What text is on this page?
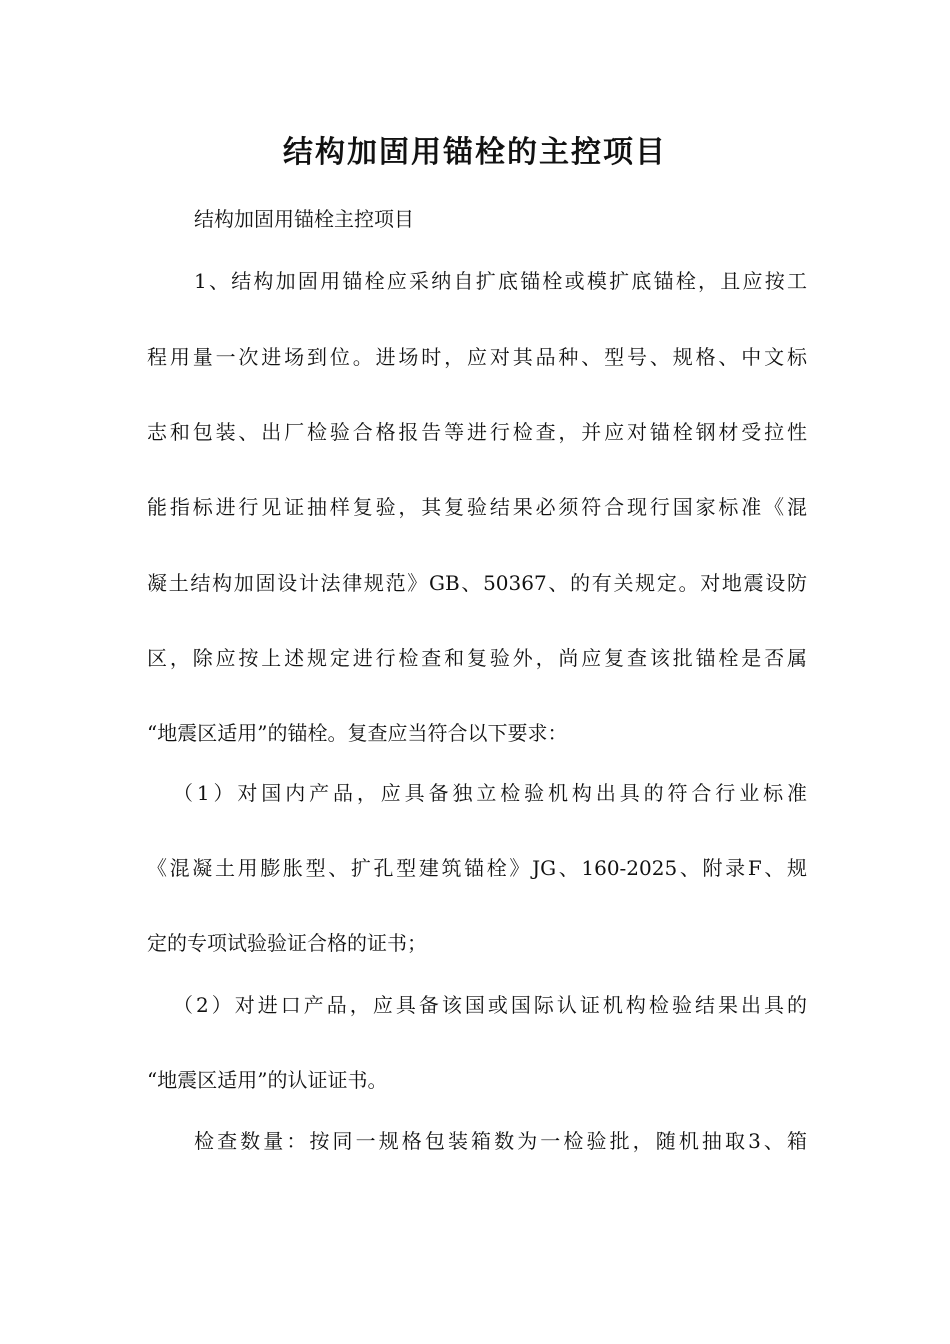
结构加固用锚栓的主控项目
结构加固用锚栓主控项目
1、结构加固用锚栓应采纳自扩底锚栓或模扩底锚栓，且应按工
程用量一次进场到位。进场时，应对其品种、型号、规格、中文标
志和包装、出厂检验合格报告等进行检查，并应对锚栓钢材受拉性
能指标进行见证抽样复验，其复验结果必须符合现行国家标准《混
凝土结构加固设计法律规范》GB、50367、的有关规定。对地震设防
区，除应按上述规定进行检查和复验外，尚应复查该批锚栓是否属
“地震区适用”的锚栓。复查应当符合以下要求：
（1）对国内产品，应具备独立检验机构出具的符合行业标准
《混凝土用膨胀型、扩孔型建筑锚栓》JG、160-2025、附录F、规
定的专项试验验证合格的证书；
（2）对进口产品，应具备该国或国际认证机构检验结果出具的
“地震区适用”的认证证书。
检查数量：按同一规格包装箱数为一检验批，随机抽取3、箱
